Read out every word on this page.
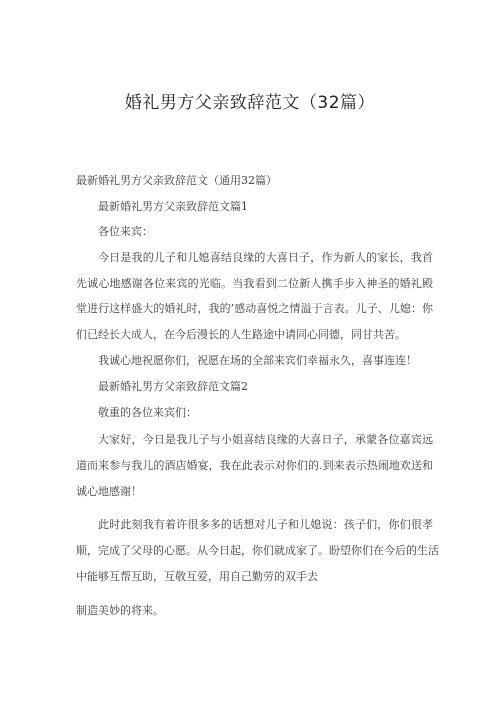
婚礼男方父亲致辞范文（32篇）
最新婚礼男方父亲致辞范文（通用32篇）
最新婚礼男方父亲致辞范文篇1
各位来宾：
今日是我的儿子和儿媳喜结良缘的大喜日子，作为新人的家长，我首
先诚心地感谢各位来宾的光临。当我看到二位新人携手步入神圣的婚礼殿
堂进行这样盛大的婚礼时，我的’感动喜悦之情溢于言表。儿子、儿媳：你
们已经长大成人，在今后漫长的人生路途中请同心同德，同甘共苦。
我诚心地祝愿你们，祝愿在场的全部来宾们幸福永久，喜事连连！
最新婚礼男方父亲致辞范文篇2
敬重的各位来宾们：
大家好，今日是我儿子与小姐喜结良缘的大喜日子，承蒙各位嘉宾远
道而来参与我儿的酒店婚宴，我在此表示对你们的.到来表示热闹地欢送和
诚心地感谢！
此时此刻我有着许很多多的话想对儿子和儿媳说：孩子们，你们很孝
顺，完成了父母的心愿。从今日起，你们就成家了。盼望你们在今后的生活
中能够互帮互助，互敬互爱，用自己勤劳的双手去
制造美妙的将来。
